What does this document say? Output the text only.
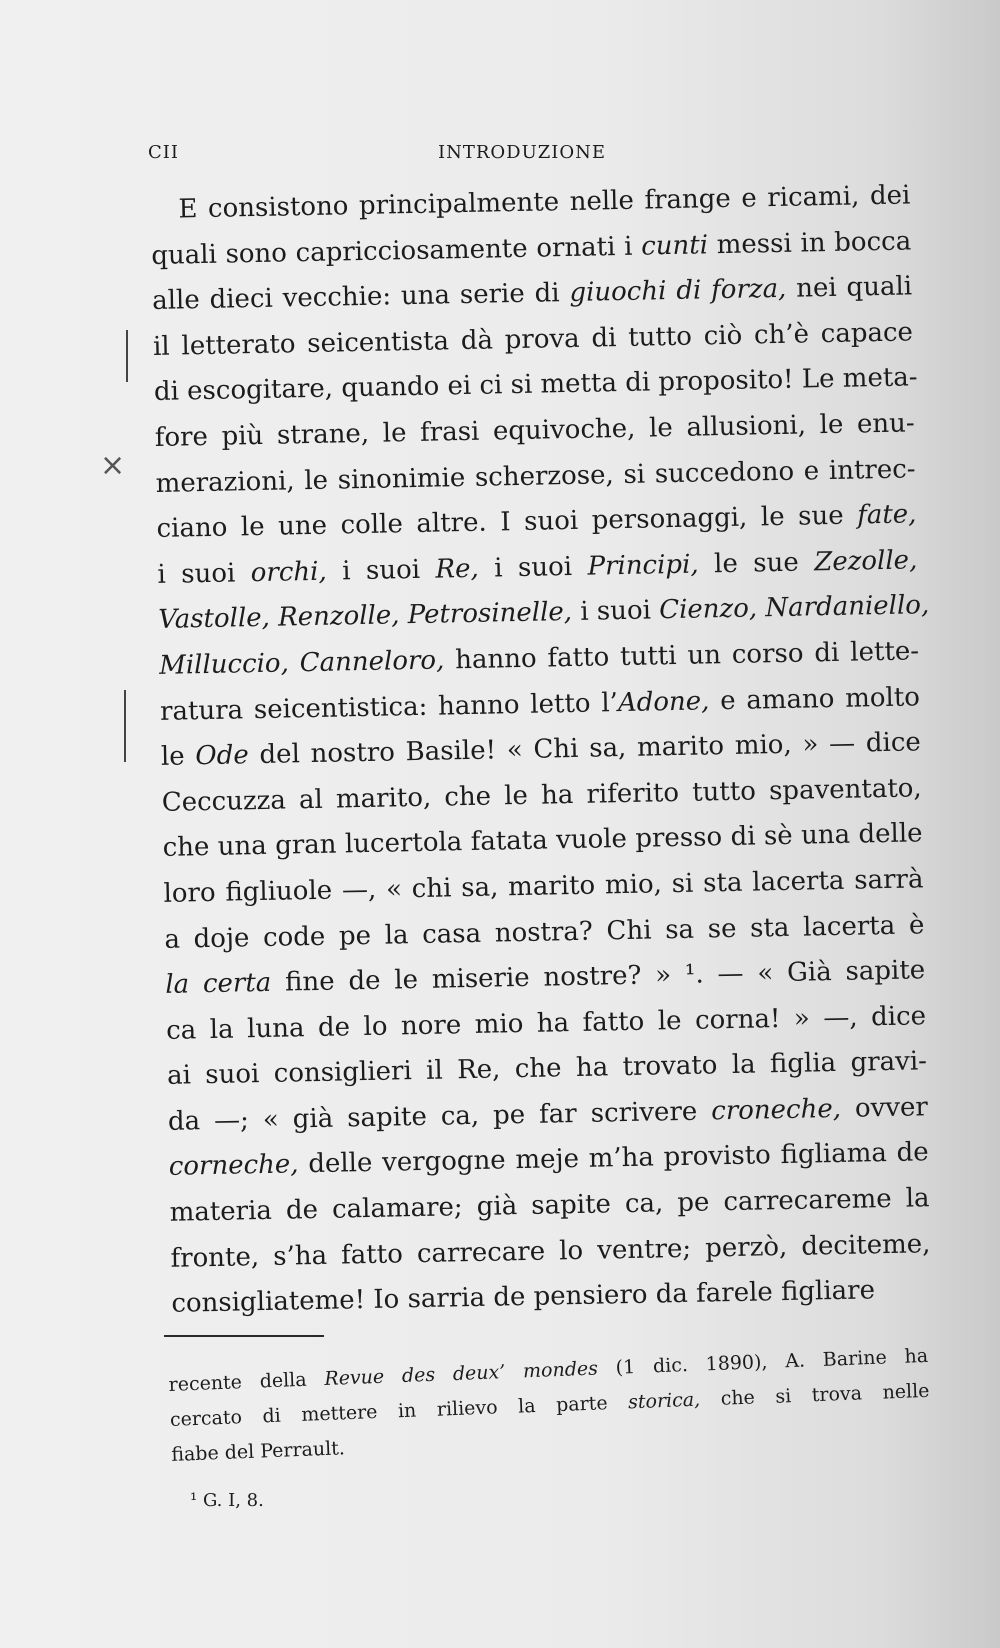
CII	INTRODUZIONE
E consistono principalmente nelle frange e ricami, dei
quali sono capricciosamente ornati i cunti messi in bocca
alle dieci vecchie: una serie di giuochi di forza, nei quali
il letterato seicentista dà prova di tutto ciò ch’è capace
di escogitare, quando ei ci si metta di proposito! Le meta-
fore più strane, le frasi equivoche, le allusioni, le enu-
merazioni, le sinonimie scherzose, si succedono e intrec-
ciano le une colle altre. I suoi personaggi, le sue fate,
i suoi orchi, i suoi Re, i suoi Principi, le sue Zezolle,
Vastolle, Renzolle, Petrosinelle, i suoi Cienzo, Nardaniello,
Milluccio, Canneloro, hanno fatto tutti un corso di lette-
ratura seicentistica: hanno letto l’Adone, e amano molto
le Ode del nostro Basile! « Chi sa, marito mio, » — dice
Ceccuzza al marito, che le ha riferito tutto spaventato,
che una gran lucertola fatata vuole presso di sè una delle
loro figliuole —, « chi sa, marito mio, si sta lacerta sarrà
a doje code pe la casa nostra? Chi sa se sta lacerta è
la certa fine de le miserie nostre? » ¹. — « Già sapite
ca la luna de lo nore mio ha fatto le corna! » —, dice
ai suoi consiglieri il Re, che ha trovato la figlia gravi-
da —; « già sapite ca, pe far scrivere croneche, ovver
corneche, delle vergogne meje m’ha provisto figliama de
materia de calamare; già sapite ca, pe carrecareme la
fronte, s’ha fatto carrecare lo ventre; perzò, deciteme,
consigliateme! Io sarria de pensiero da farele figliare
recente della Revue des deux’ mondes (1 dic. 1890), A. Barine ha
cercato di mettere in rilievo la parte storica, che si trova nelle
fiabe del Perrault.
¹ G. I, 8.
×
